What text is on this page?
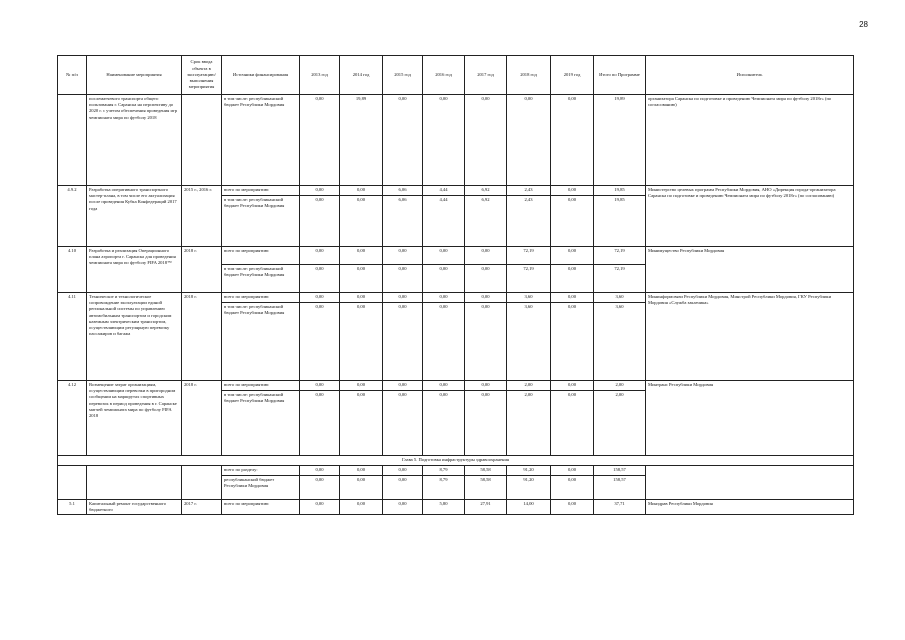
28
№ п/п	Наименование мероприятия	Срок ввода объекта в эксплуатацию/ выполнения мероприятия	Источники финансирования	2013 год	2014 год	2015 год	2016 год	2017 год	2018 год	2019 год	Итого по Программе	Исполнитель
	послематчевого транспорта общего пользования г. Саранска на перспективу до 2020 г. с учетом обеспечения проведения игр чемпионата мира по футболу 2018		в том числе: республиканский бюджет Республики Мордовия	0,00	19,89	0,00	0,00	0,00	0,00	0,00	19,89	организатора Саранска по подготовке и проведению Чемпионата мира по футболу 2018г» (по согласованию)
4.9.2	Разработка оперативного транспортного мастер-плана, в том числе его актуализация после проведения Кубка Конфедераций 2017 года	2015 г., 2016 г.	всего по мероприятию:	0,00	0,00	6,06	4,44	6,92	2,43	0,00	19,85	Министерство целевых программ Республики Мордовия, АНО «Дирекция города-организатора Саранска по подготовке и проведению Чемпионата мира по футболу 2018г» (по согласованию)
			в том числе: республиканский бюджет Республики Мордовия	0,00	0,00	6,06	4,44	6,92	2,43	0,00	19,85	
4.10	Разработка и реализация Операционного плана аэропорта г. Саранска для проведения чемпионата мира по футболу FIFA 2018™	2018 г.	всего по мероприятию:	0,00	0,00	0,00	0,00	0,00	72,19	0,00	72,19	Минимущество Республики Мордовия
			в том числе: республиканский бюджет Республики Мордовия	0,00	0,00	0,00	0,00	0,00	72,19	0,00	72,19	
4.11	Техническое и технологическое сопровождение эксплуатации единой региональной системы по управлению автомобильным транспортом и городским наземным электрическим транспортом, осуществляющим регулярную перевозку пассажиров и багажа	2018 г.	всего по мероприятию:	0,00	0,00	0,00	0,00	0,00	3,60	0,00	3,60	Мининформсвязи Республики Мордовия, Минстрой Республики Мордовия, ГКУ Республики Мордовия «Служба заказчика»
			в том числе: республиканский бюджет Республики Мордовия	0,00	0,00	0,00	0,00	0,00	3,60	0,00	3,60	
4.12	Возмещение затрат организациям, осуществляющим перевозки в пригородном сообщении на маршрутах спортивных перевозок в период проведения в г. Саранске матчей чемпионата мира по футболу FIFA 2018	2018 г.	всего по мероприятию:	0,00	0,00	0,00	0,00	0,00	2,00	0,00	2,00	Минтранс Республики Мордовия
			в том числе: республиканский бюджет Республики Мордовия	0,00	0,00	0,00	0,00	0,00	2,00	0,00	2,00	
Глава 5. Подготовка инфраструктуры здравоохранения												
			всего по разделу:	0,00	0,00	0,00	8,79	58,58	91,20	0,00	158,57	
			республиканский бюджет Республики Мордовия	0,00	0,00	0,00	8,79	58,58	91,20	0,00	158,57	
5.1	Капитальный ремонт государственного бюджетного	2017 г.	всего по мероприятию:	0,00	0,00	0,00	5,80	27,91	14,00	0,00	37,71	Минздрав Республики Мордовия
